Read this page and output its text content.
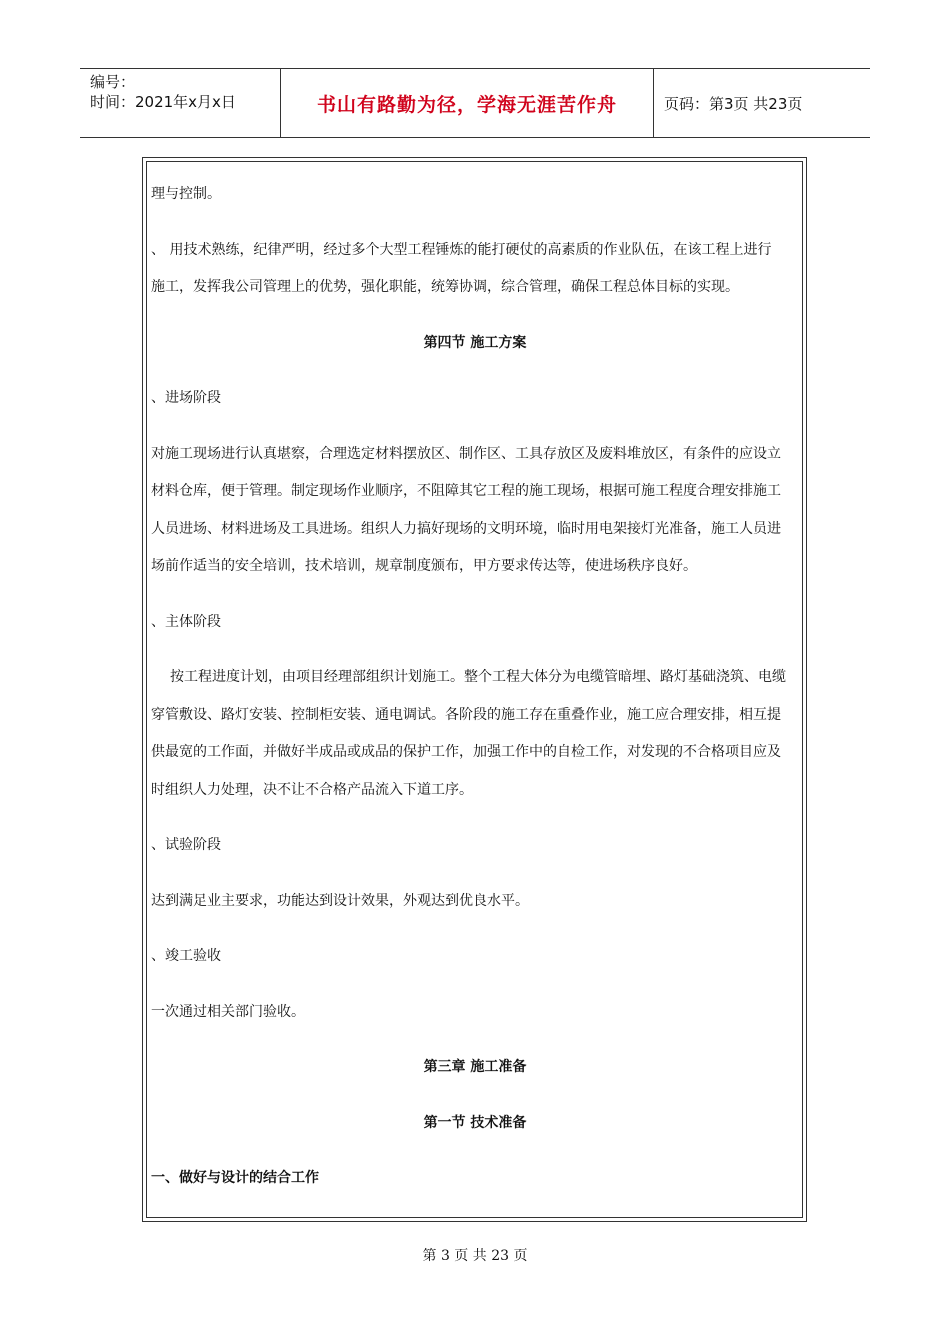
编号：
时间：2021年x月x日	书山有路勤为径，学海无涯苦作舟	页码：第3页 共23页
理与控制。
、 用技术熟练，纪律严明，经过多个大型工程锤炼的能打硬仗的高素质的作业队伍，在该工程上进行
施工，发挥我公司管理上的优势，强化职能，统筹协调，综合管理，确保工程总体目标的实现。
第四节 施工方案
、进场阶段
对施工现场进行认真堪察，合理选定材料摆放区、制作区、工具存放区及废料堆放区，有条件的应设立
材料仓库，便于管理。制定现场作业顺序，不阻障其它工程的施工现场，根据可施工程度合理安排施工
人员进场、材料进场及工具进场。组织人力搞好现场的文明环境，临时用电架接灯光准备，施工人员进
场前作适当的安全培训，技术培训，规章制度颁布，甲方要求传达等，使进场秩序良好。
、主体阶段
按工程进度计划，由项目经理部组织计划施工。整个工程大体分为电缆管暗埋、路灯基础浇筑、电缆
穿管敷设、路灯安装、控制柜安装、通电调试。各阶段的施工存在重叠作业，施工应合理安排，相互提
供最宽的工作面，并做好半成品或成品的保护工作，加强工作中的自检工作，对发现的不合格项目应及
时组织人力处理，决不让不合格产品流入下道工序。
、试验阶段
达到满足业主要求，功能达到设计效果，外观达到优良水平。
、竣工验收
一次通过相关部门验收。
第三章 施工准备
第一节 技术准备
一、做好与设计的结合工作
第 3 页 共 23 页
